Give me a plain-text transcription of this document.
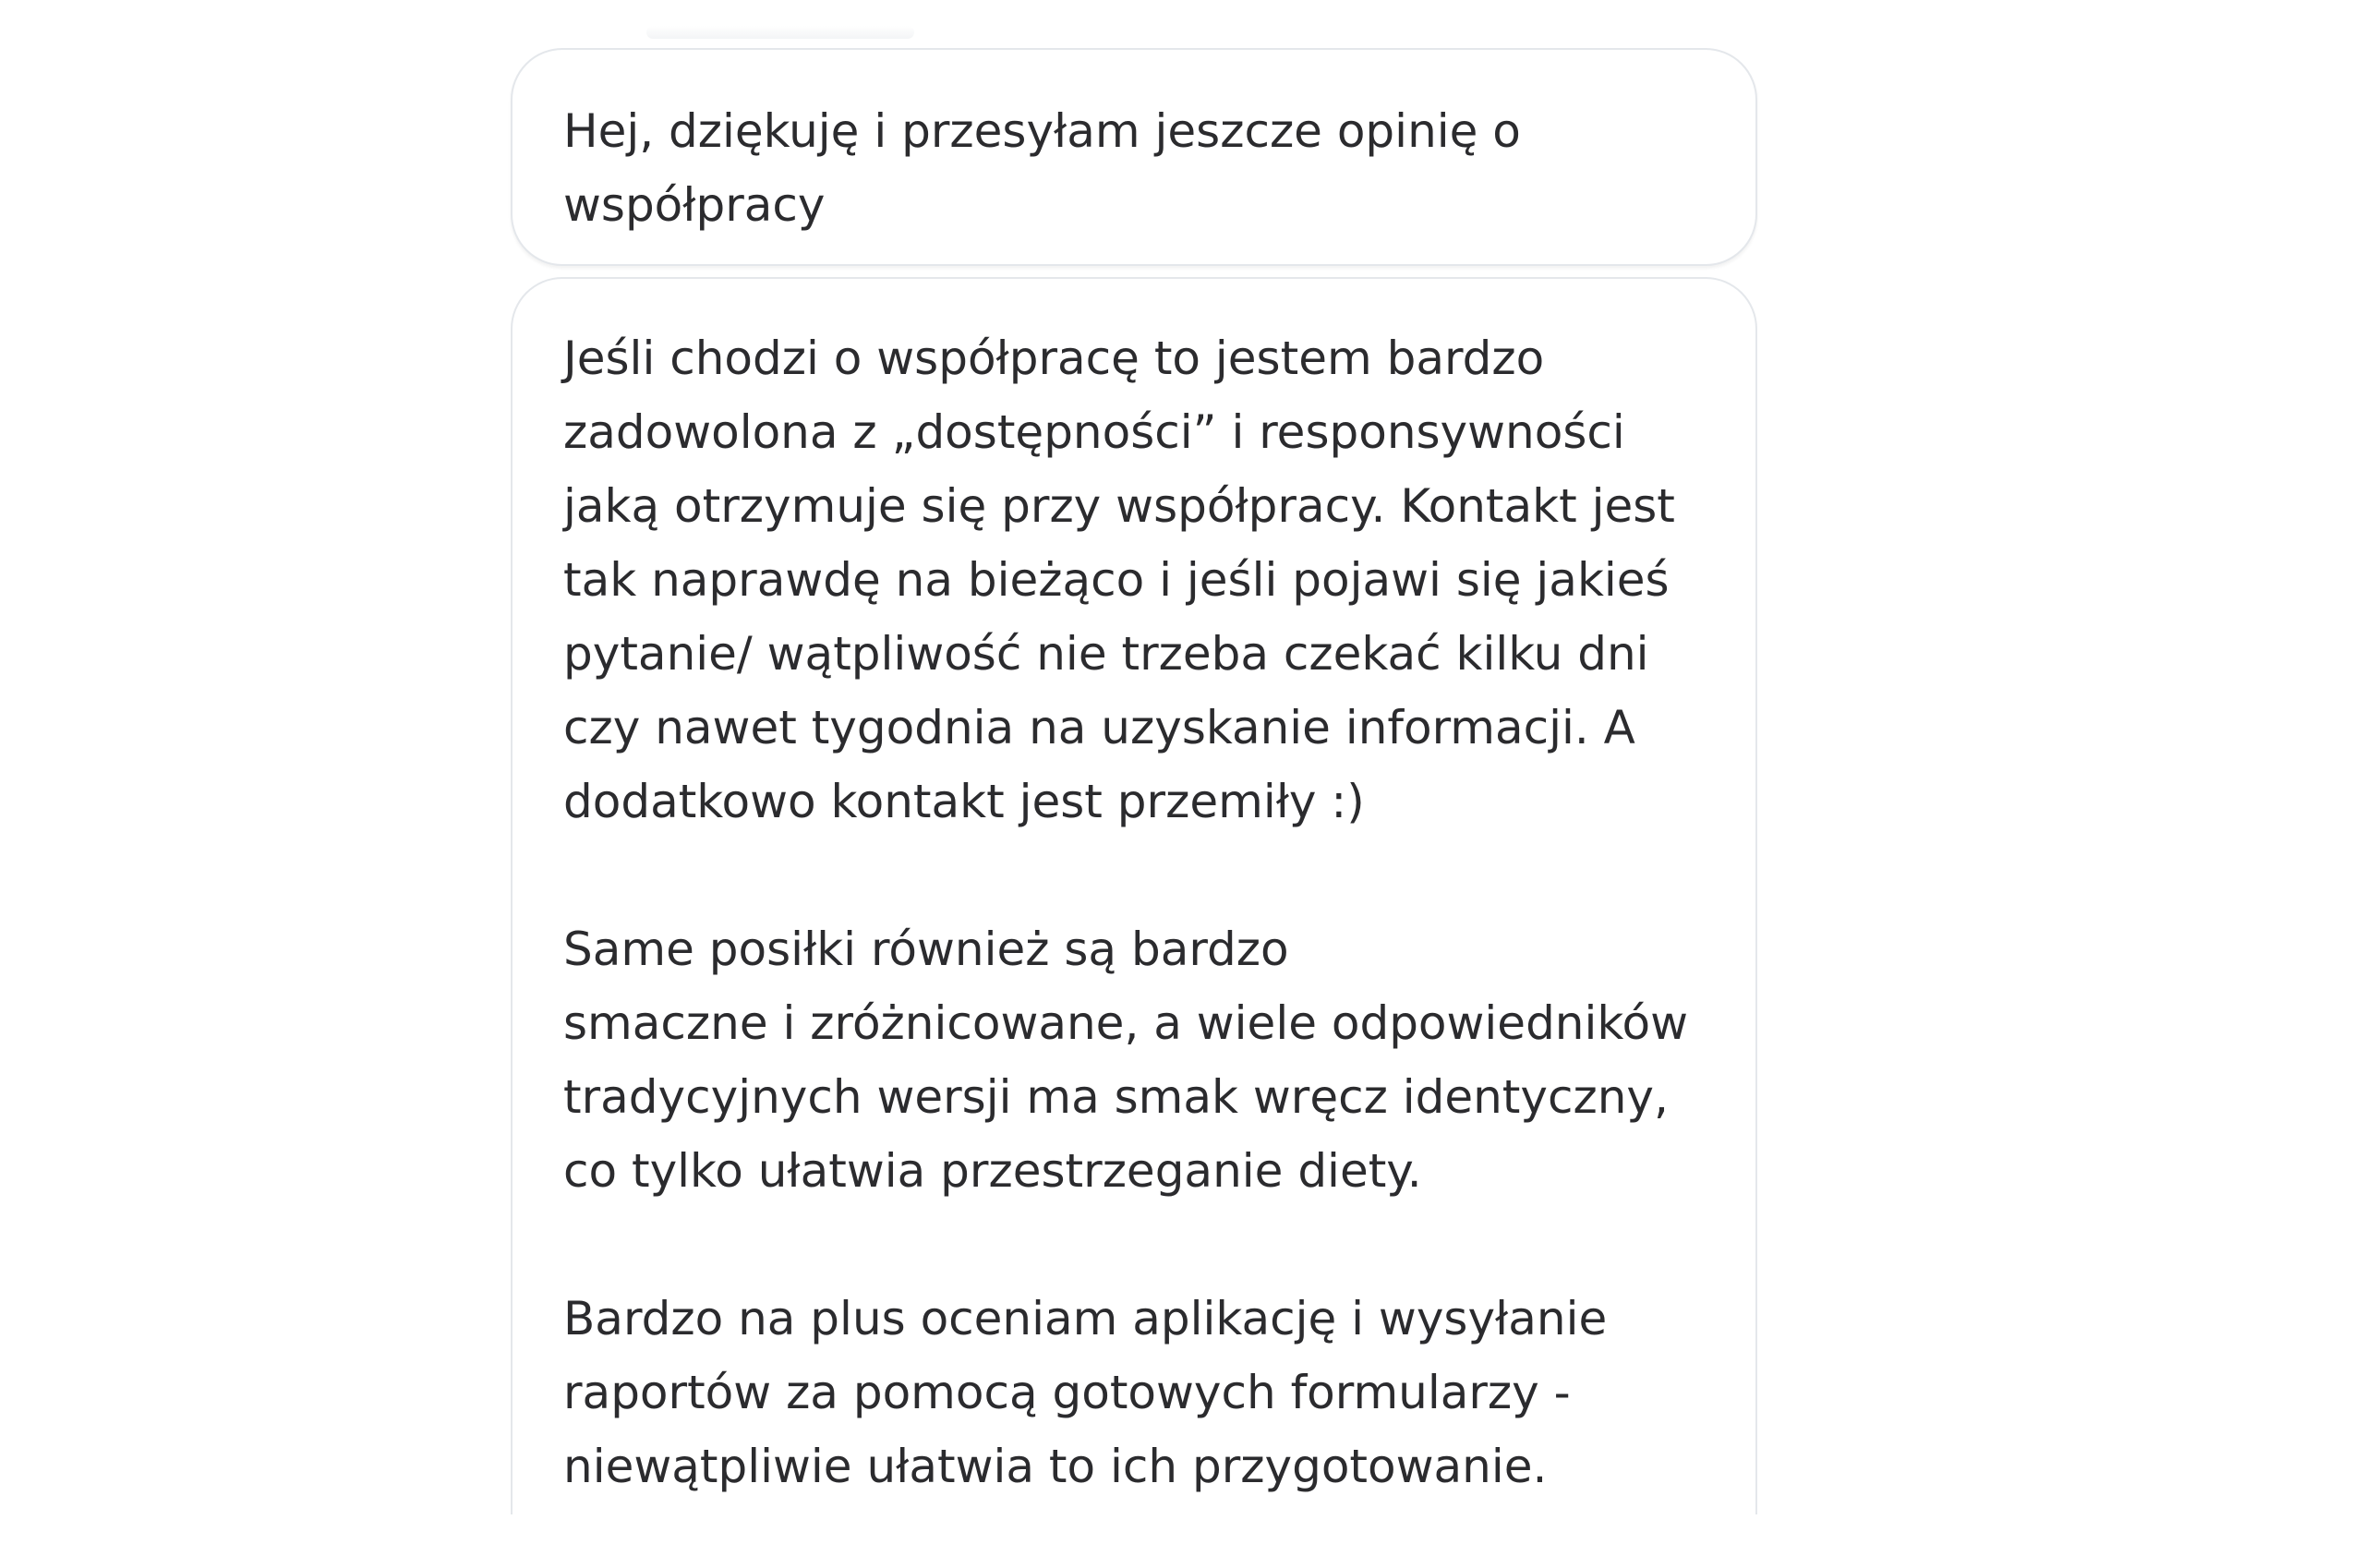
Hej, dziękuję i przesyłam jeszcze opinię o
współpracy

Jeśli chodzi o współpracę to jestem bardzo
zadowolona z „dostępności” i responsywności
jaką otrzymuje się przy współpracy. Kontakt jest
tak naprawdę na bieżąco i jeśli pojawi się jakieś
pytanie/ wątpliwość nie trzeba czekać kilku dni
czy nawet tygodnia na uzyskanie informacji. A
dodatkowo kontakt jest przemiły :)

Same posiłki również są bardzo
smaczne i zróżnicowane, a wiele odpowiedników
tradycyjnych wersji ma smak wręcz identyczny,
co tylko ułatwia przestrzeganie diety.

Bardzo na plus oceniam aplikację i wysyłanie
raportów za pomocą gotowych formularzy -
niewątpliwie ułatwia to ich przygotowanie.
